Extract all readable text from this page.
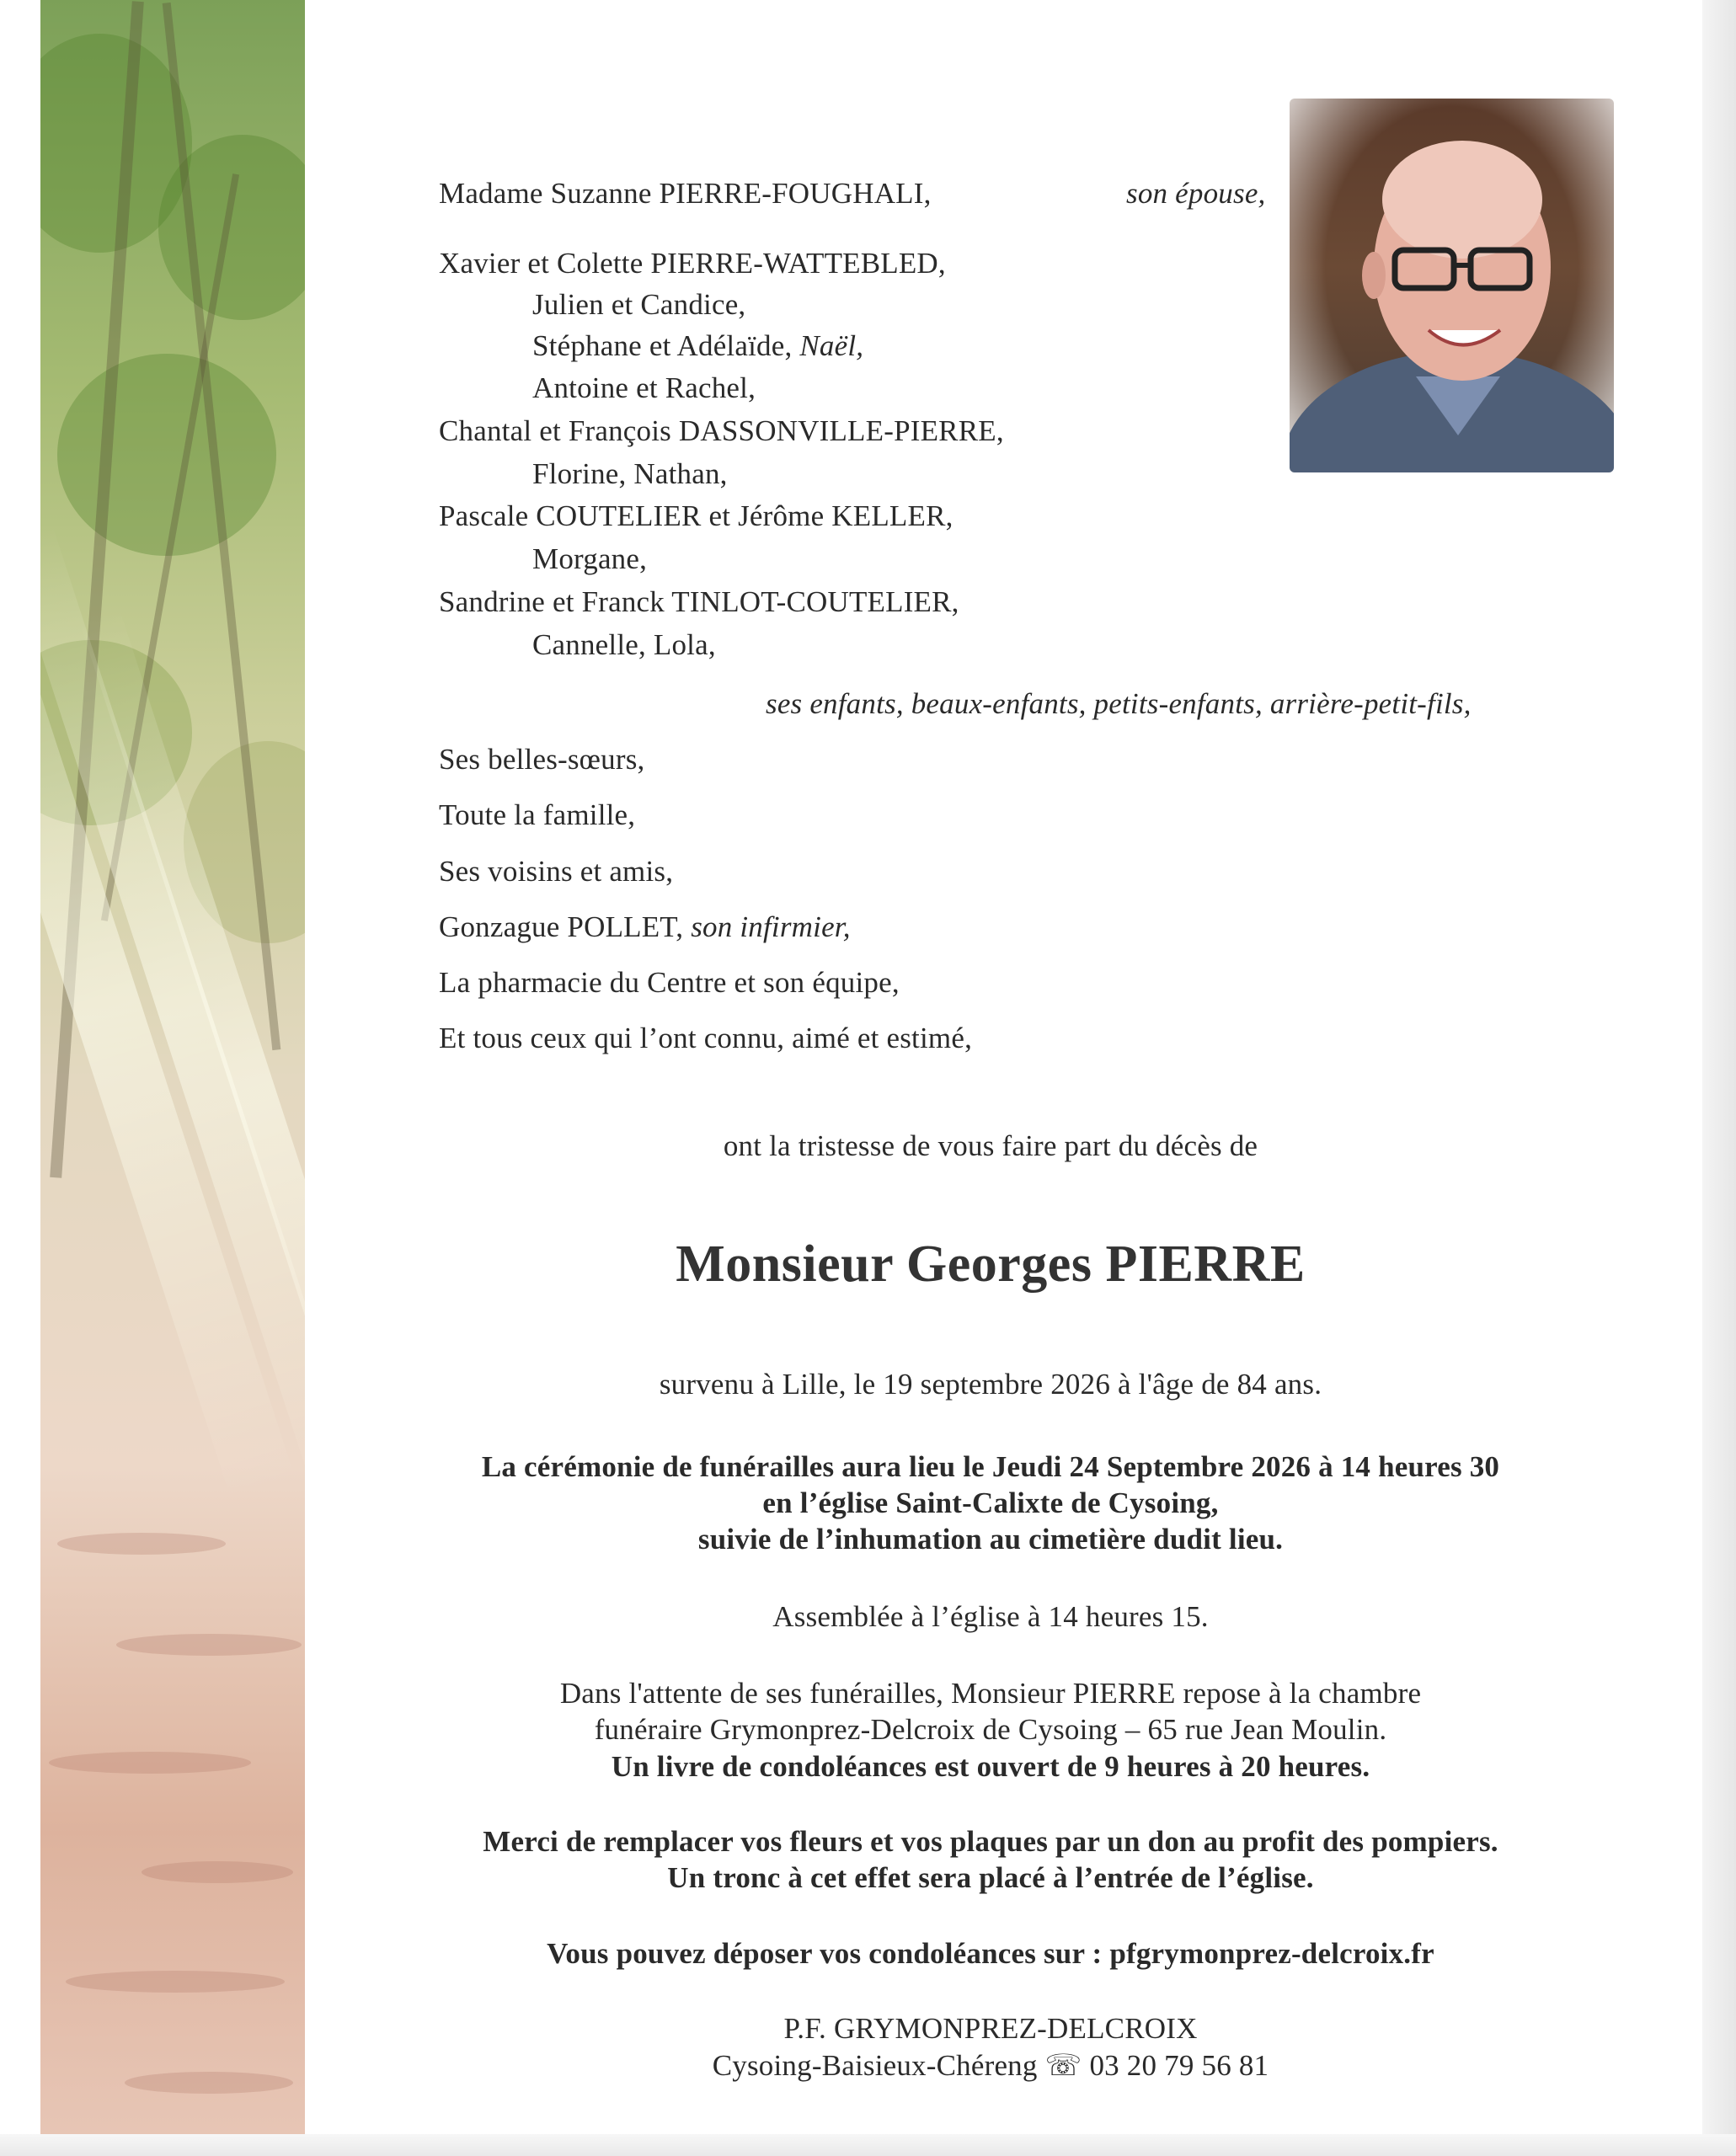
Madame Suzanne PIERRE-FOUGHALI,	son épouse,
Xavier et Colette PIERRE-WATTEBLED,
Julien et Candice,
Stéphane et Adélaïde, Naël,
Antoine et Rachel,
Chantal et François DASSONVILLE-PIERRE,
Florine, Nathan,
Pascale COUTELIER et Jérôme KELLER,
Morgane,
Sandrine et Franck TINLOT-COUTELIER,
Cannelle, Lola,
ses enfants, beaux-enfants, petits-enfants, arrière-petit-fils,
Ses belles-sœurs,
Toute la famille,
Ses voisins et amis,
Gonzague POLLET, son infirmier,
La pharmacie du Centre et son équipe,
Et tous ceux qui l’ont connu, aimé et estimé,
ont la tristesse de vous faire part du décès de
Monsieur Georges PIERRE
survenu à Lille, le 19 septembre 2026 à l'âge de 84 ans.
La cérémonie de funérailles aura lieu le Jeudi 24 Septembre 2026 à 14 heures 30
en l’église Saint-Calixte de Cysoing,
suivie de l’inhumation au cimetière dudit lieu.
Assemblée à l’église à 14 heures 15.
Dans l'attente de ses funérailles, Monsieur PIERRE repose à la chambre
funéraire Grymonprez-Delcroix de Cysoing – 65 rue Jean Moulin.
Un livre de condoléances est ouvert de 9 heures à 20 heures.
Merci de remplacer vos fleurs et vos plaques par un don au profit des pompiers.
Un tronc à cet effet sera placé à l’entrée de l’église.
Vous pouvez déposer vos condoléances sur : pfgrymonprez-delcroix.fr
P.F. GRYMONPREZ-DELCROIX
Cysoing-Baisieux-Chéreng ☏ 03 20 79 56 81
